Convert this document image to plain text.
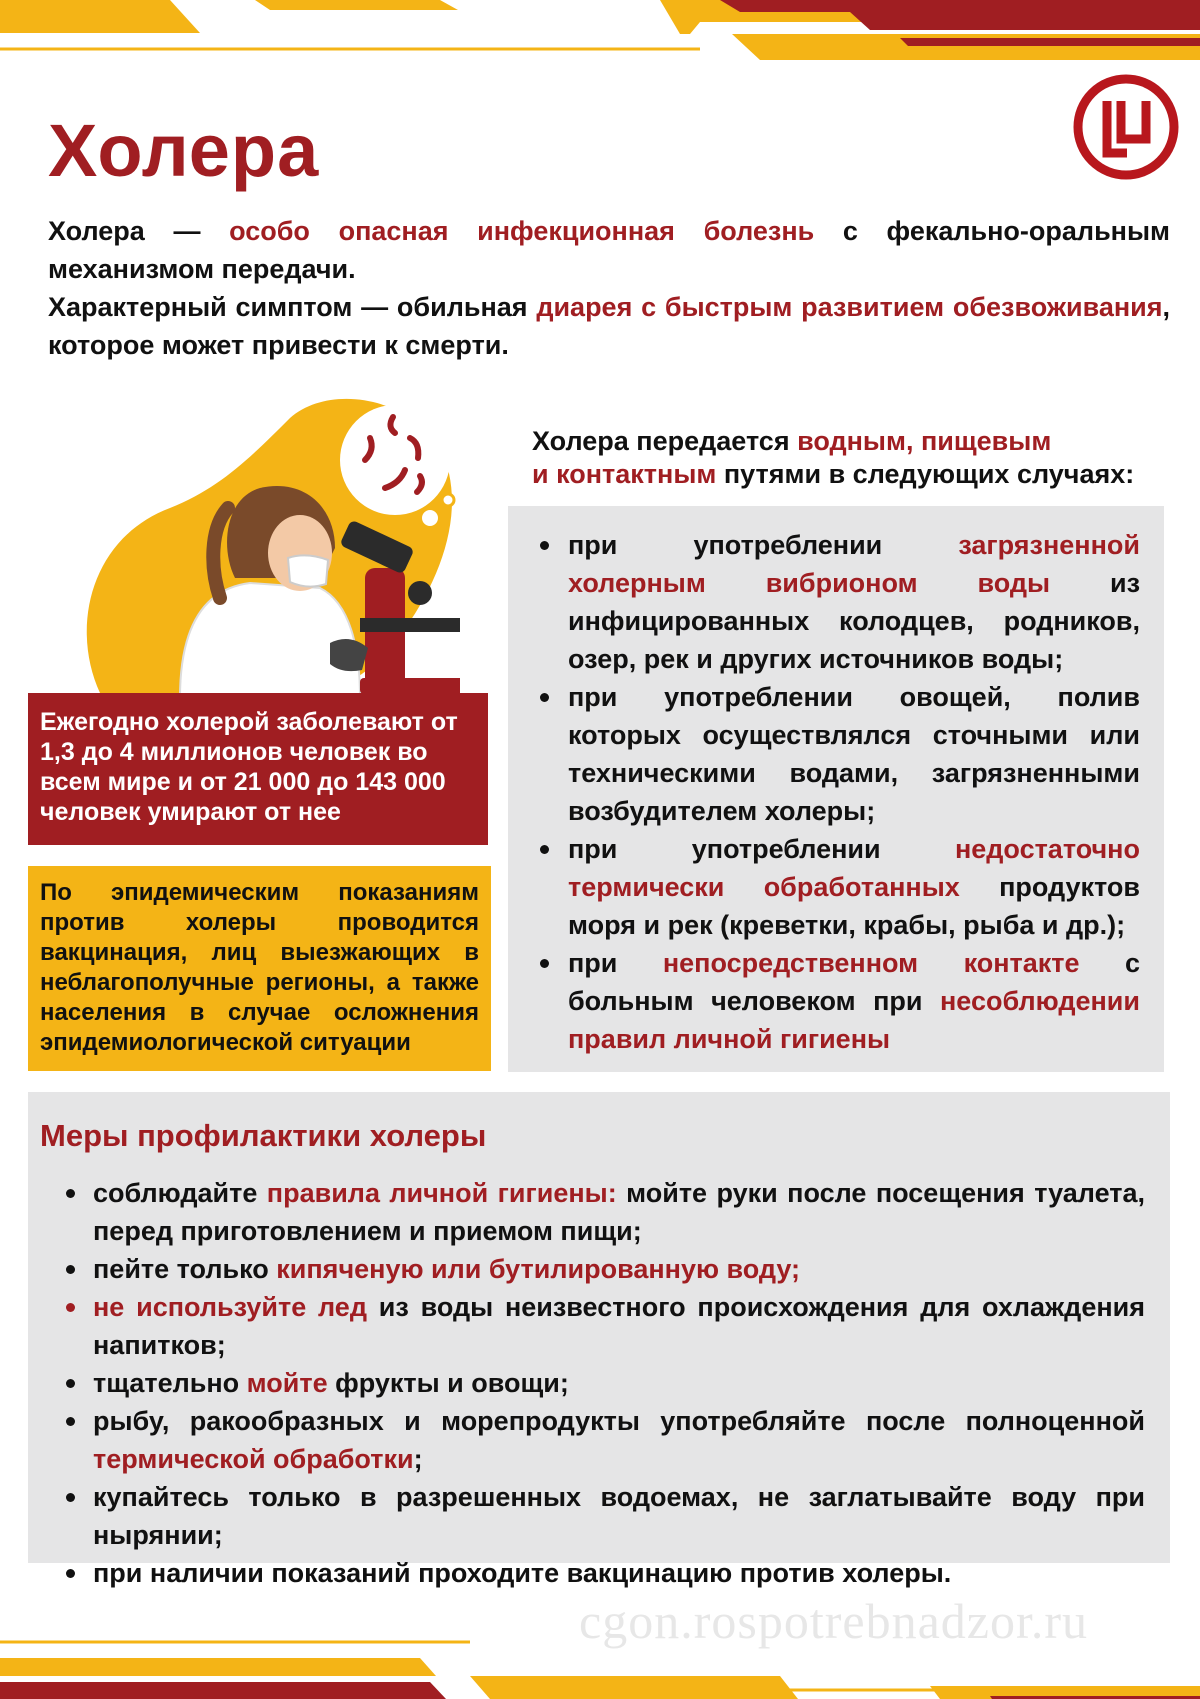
Холера

Холера — особо опасная инфекционная болезнь с фекально-оральным механизмом передачи.

Характерный симптом — обильная диарея с быстрым развитием обезвоживания, которое может привести к смерти.

Холера передается водным, пищевым
и контактным путями в следующих случаях:
при употреблении загрязненной холерным вибрионом воды из инфицированных колодцев, родников, озер, рек и других источников воды;
при употреблении овощей, полив которых осуществлялся сточными или техническими водами, загрязненными возбудителем холеры;
при употреблении недостаточно термически обработанных продуктов моря и рек (креветки, крабы, рыба и др.);
при непосредственном контакте с больным человеком при несоблюдении правил личной гигиены
Ежегодно холерой заболевают от 1,3 до 4 миллионов человек во всем мире и от 21 000 до 143 000 человек умирают от нее
По эпидемическим показаниям против холеры проводится вакцинация, лиц выезжающих в неблагополучные регионы, а также населения в случае осложнения эпидемиологической ситуации
Меры профилактики холеры
соблюдайте правила личной гигиены: мойте руки после посещения туалета, перед приготовлением и приемом пищи;
пейте только кипяченую или бутилированную воду;
не используйте лед из воды неизвестного происхождения для охлаждения напитков;
тщательно мойте фрукты и овощи;
рыбу, ракообразных и морепродукты употребляйте после полноценной термической обработки;
купайтесь только в разрешенных водоемах, не заглатывайте воду при нырянии;
при наличии показаний проходите вакцинацию против холеры.
cgon.rospotrebnadzor.ru
